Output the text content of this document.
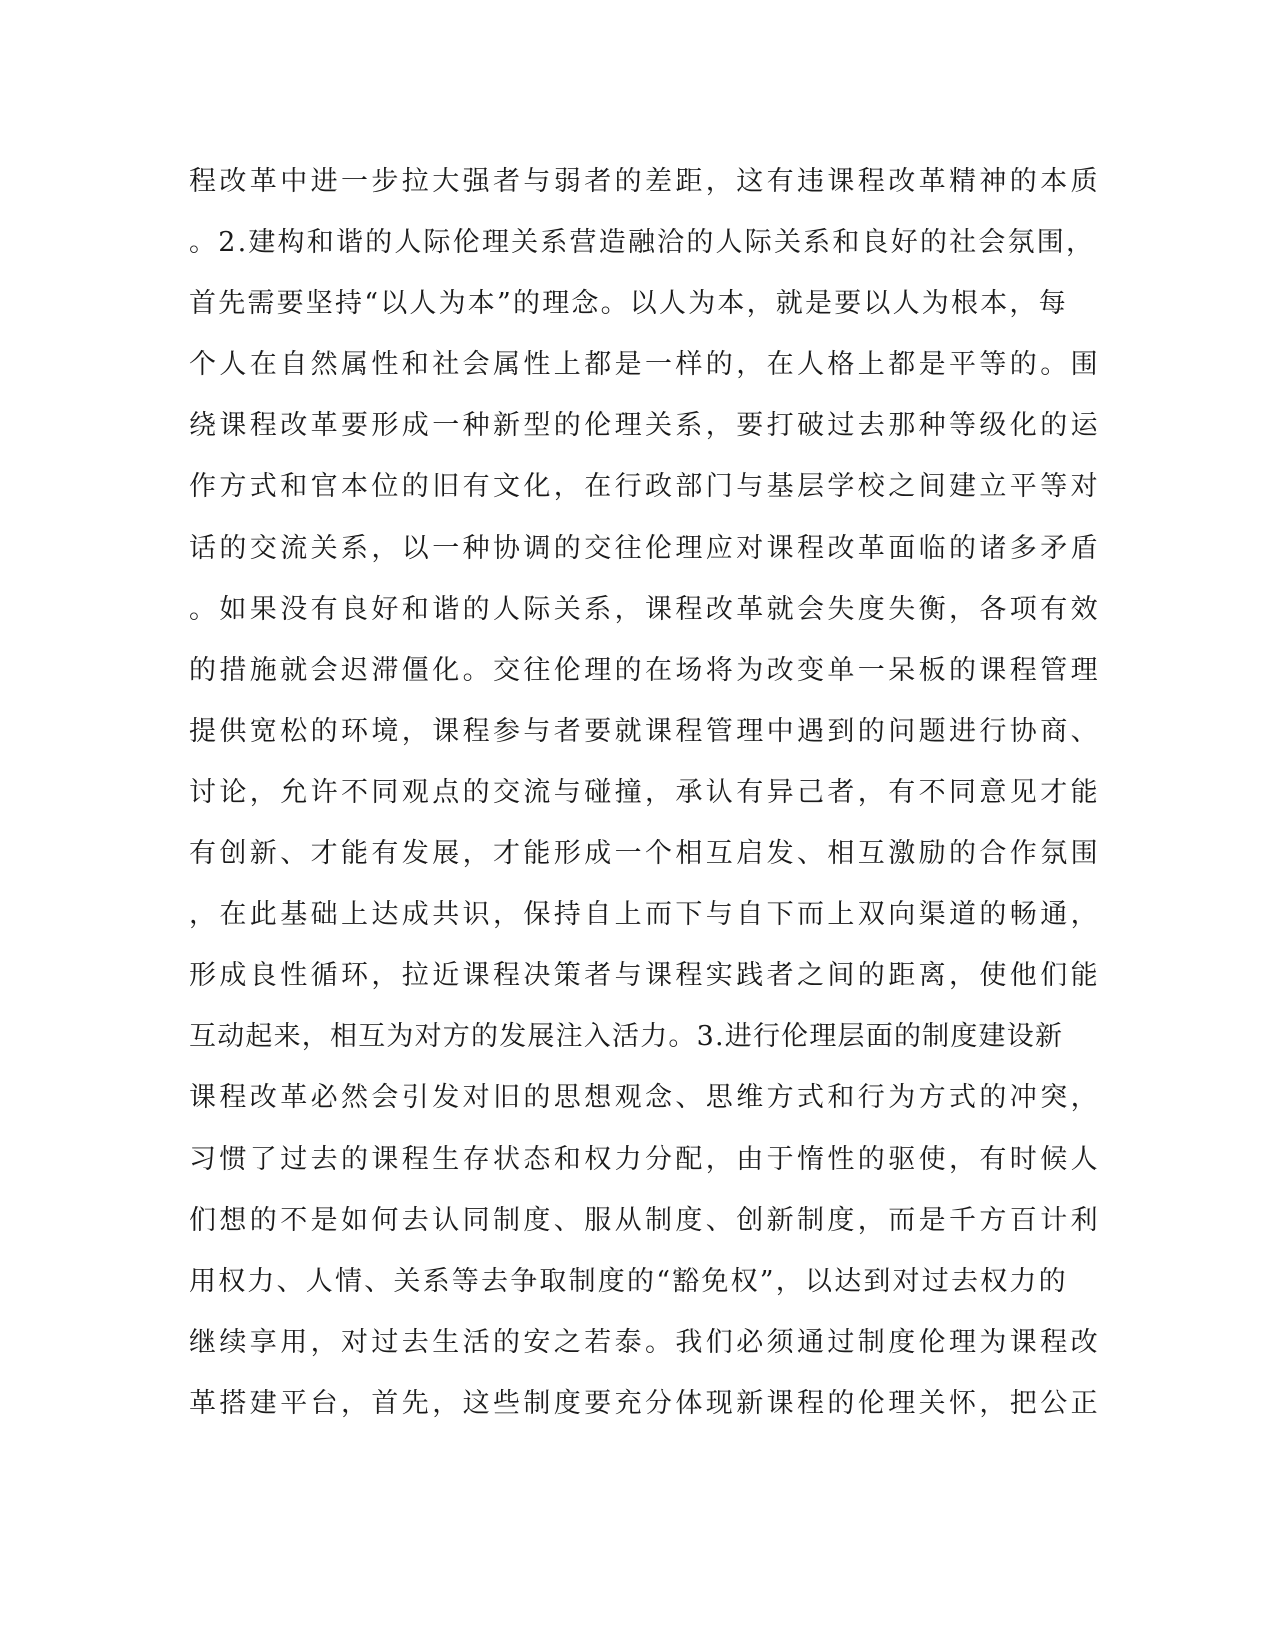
程改革中进一步拉大强者与弱者的差距，这有违课程改革精神的本质
。2.建构和谐的人际伦理关系营造融洽的人际关系和良好的社会氛围，
首先需要坚持“以人为本”的理念。以人为本，就是要以人为根本，每
个人在自然属性和社会属性上都是一样的，在人格上都是平等的。围
绕课程改革要形成一种新型的伦理关系，要打破过去那种等级化的运
作方式和官本位的旧有文化，在行政部门与基层学校之间建立平等对
话的交流关系，以一种协调的交往伦理应对课程改革面临的诸多矛盾
。如果没有良好和谐的人际关系，课程改革就会失度失衡，各项有效
的措施就会迟滞僵化。交往伦理的在场将为改变单一呆板的课程管理
提供宽松的环境，课程参与者要就课程管理中遇到的问题进行协商、
讨论，允许不同观点的交流与碰撞，承认有异己者，有不同意见才能
有创新、才能有发展，才能形成一个相互启发、相互激励的合作氛围
，在此基础上达成共识，保持自上而下与自下而上双向渠道的畅通，
形成良性循环，拉近课程决策者与课程实践者之间的距离，使他们能
互动起来，相互为对方的发展注入活力。3.进行伦理层面的制度建设新
课程改革必然会引发对旧的思想观念、思维方式和行为方式的冲突，
习惯了过去的课程生存状态和权力分配，由于惰性的驱使，有时候人
们想的不是如何去认同制度、服从制度、创新制度，而是千方百计利
用权力、人情、关系等去争取制度的“豁免权”，以达到对过去权力的
继续享用，对过去生活的安之若泰。我们必须通过制度伦理为课程改
革搭建平台，首先，这些制度要充分体现新课程的伦理关怀，把公正
